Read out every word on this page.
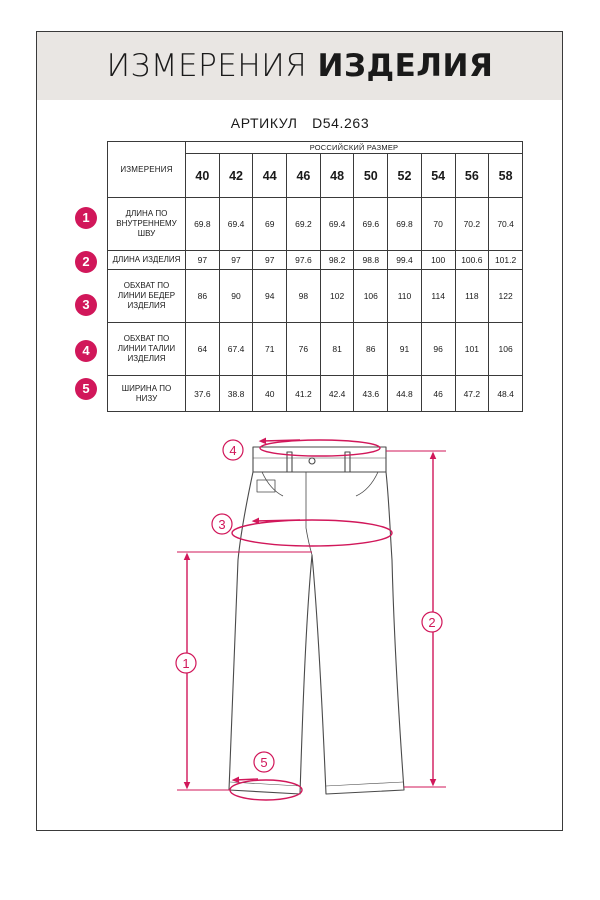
ИЗМЕРЕНИЯ ИЗДЕЛИЯ
АРТИКУЛ D54.263
ИЗМЕРЕНИЯ	РОССИЙСКИЙ РАЗМЕР									
	40	42	44	46	48	50	52	54	56	58
ДЛИНА ПО ВНУТРЕННЕМУ ШВУ	69.8	69.4	69	69.2	69.4	69.6	69.8	70	70.2	70.4
ДЛИНА ИЗДЕЛИЯ	97	97	97	97.6	98.2	98.8	99.4	100	100.6	101.2
ОБХВАТ ПО ЛИНИИ БЕДЕР ИЗДЕЛИЯ	86	90	94	98	102	106	110	114	118	122
ОБХВАТ ПО ЛИНИИ ТАЛИИ ИЗДЕЛИЯ	64	67.4	71	76	81	86	91	96	101	106
ШИРИНА ПО НИЗУ	37.6	38.8	40	41.2	42.4	43.6	44.8	46	47.2	48.4
1
2
3
4
5
4
3
1
2
5
